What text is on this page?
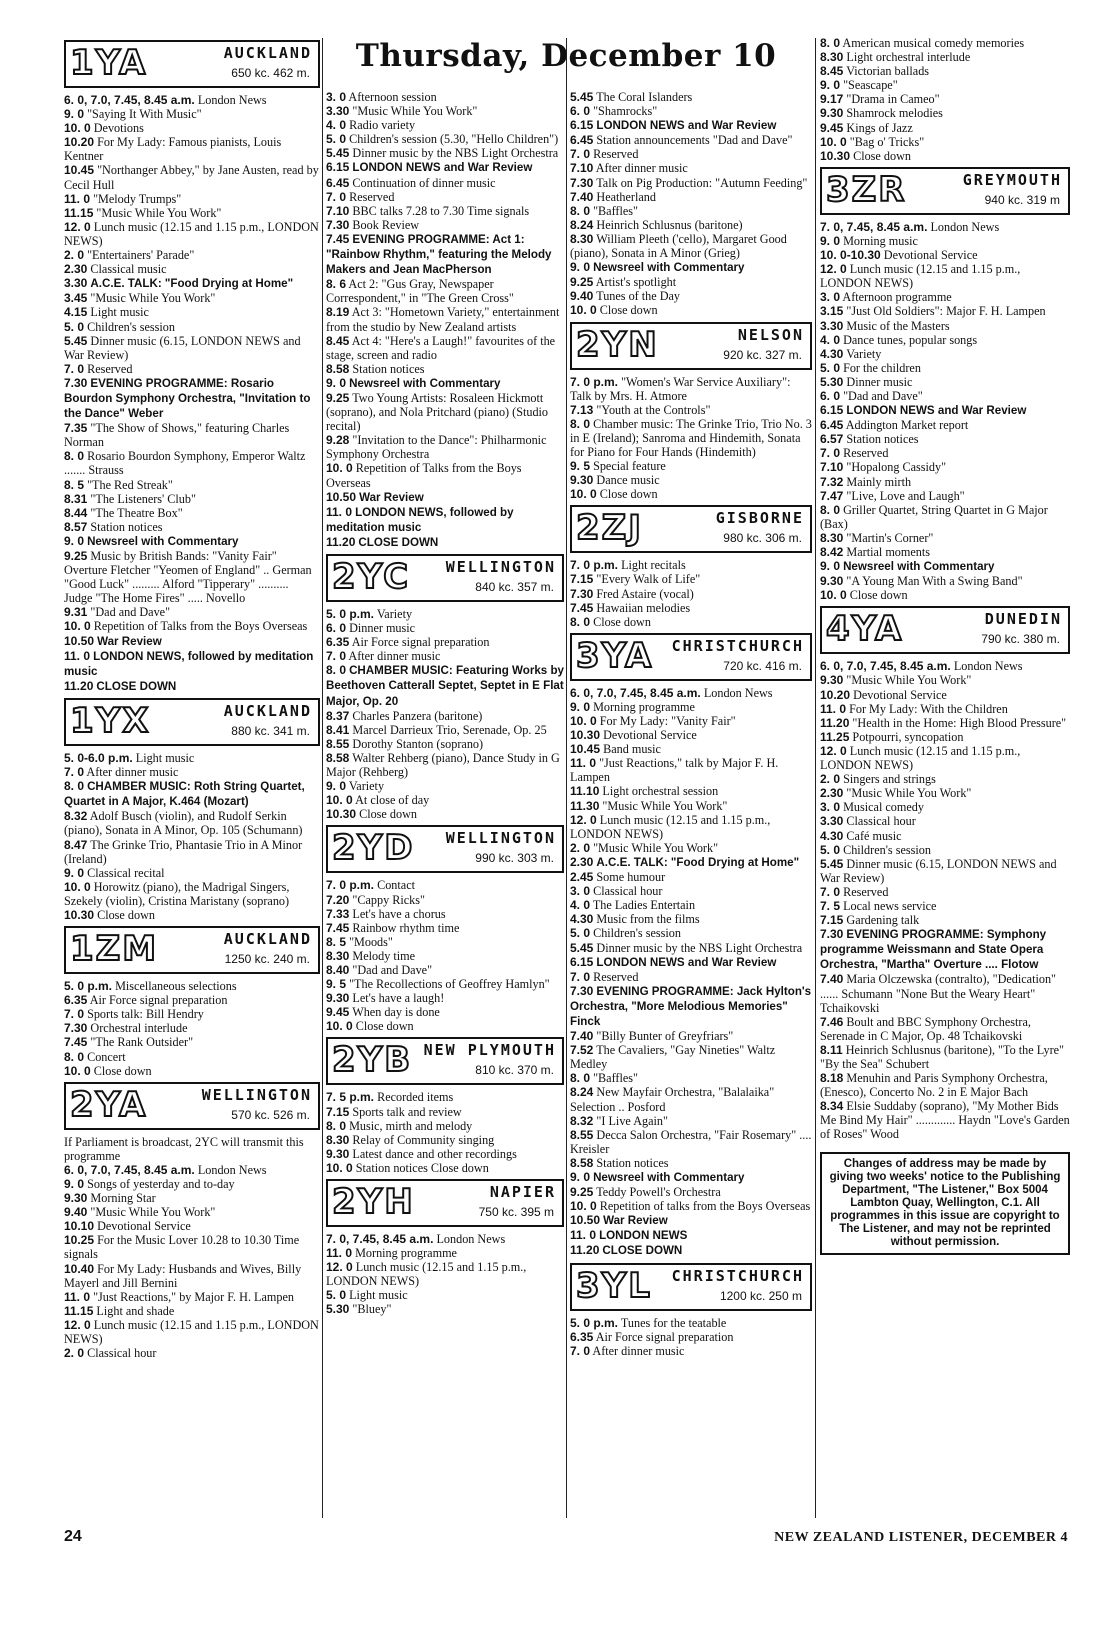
Thursday, December 10
1YA	AUCKLAND
650 kc. 462 m.
6. 0, 7.0, 7.45, 8.45 a.m. London News
9. 0 "Saying It With Music"
10. 0 Devotions
10.20 For My Lady: Famous pianists, Louis Kentner
10.45 "Northanger Abbey," by Jane Austen, read by Cecil Hull
11. 0 "Melody Trumps"
11.15 "Music While You Work"
12. 0 Lunch music (12.15 and 1.15 p.m., LONDON NEWS)
2. 0 "Entertainers' Parade"
2.30 Classical music
3.30 A.C.E. TALK: "Food Drying at Home"
3.45 "Music While You Work"
4.15 Light music
5. 0 Children's session
5.45 Dinner music (6.15, LONDON NEWS and War Review)
7. 0 Reserved
7.30 EVENING PROGRAMME: Rosario Bourdon Symphony Orchestra, "Invitation to the Dance" Weber
7.35 "The Show of Shows," featuring Charles Norman
8. 0 Rosario Bourdon Symphony, Emperor Waltz ....... Strauss
8. 5 "The Red Streak"
8.31 "The Listeners' Club"
8.44 "The Theatre Box"
8.57 Station notices
9. 0 Newsreel with Commentary
9.25 Music by British Bands: "Vanity Fair" Overture Fletcher "Yeomen of England" .. German "Good Luck" ......... Alford "Tipperary" .......... Judge "The Home Fires" ..... Novello
9.31 "Dad and Dave"
10. 0 Repetition of Talks from the Boys Overseas
10.50 War Review
11. 0 LONDON NEWS, followed by meditation music
11.20 CLOSE DOWN
1YX	AUCKLAND
880 kc. 341 m.
5. 0-6.0 p.m. Light music
7. 0 After dinner music
8. 0 CHAMBER MUSIC: Roth String Quartet, Quartet in A Major, K.464 (Mozart)
8.32 Adolf Busch (violin), and Rudolf Serkin (piano), Sonata in A Minor, Op. 105 (Schumann)
8.47 The Grinke Trio, Phantasie Trio in A Minor (Ireland)
9. 0 Classical recital
10. 0 Horowitz (piano), the Madrigal Singers, Szekely (violin), Cristina Maristany (soprano)
10.30 Close down
1ZM	AUCKLAND
1250 kc. 240 m.
5. 0 p.m. Miscellaneous selections
6.35 Air Force signal preparation
7. 0 Sports talk: Bill Hendry
7.30 Orchestral interlude
7.45 "The Rank Outsider"
8. 0 Concert
10. 0 Close down
2YA	WELLINGTON
570 kc. 526 m.
If Parliament is broadcast, 2YC will transmit this programme
6. 0, 7.0, 7.45, 8.45 a.m. London News
9. 0 Songs of yesterday and to-day
9.30 Morning Star
9.40 "Music While You Work"
10.10 Devotional Service
10.25 For the Music Lover 10.28 to 10.30 Time signals
10.40 For My Lady: Husbands and Wives, Billy Mayerl and Jill Bernini
11. 0 "Just Reactions," by Major F. H. Lampen
11.15 Light and shade
12. 0 Lunch music (12.15 and 1.15 p.m., LONDON NEWS)
2. 0 Classical hour
3. 0 Afternoon session
3.30 "Music While You Work"
4. 0 Radio variety
5. 0 Children's session (5.30, "Hello Children")
5.45 Dinner music by the NBS Light Orchestra
6.15 LONDON NEWS and War Review
6.45 Continuation of dinner music
7. 0 Reserved
7.10 BBC talks 7.28 to 7.30 Time signals
7.30 Book Review
7.45 EVENING PROGRAMME: Act 1: "Rainbow Rhythm," featuring the Melody Makers and Jean MacPherson
8. 6 Act 2: "Gus Gray, Newspaper Correspondent," in "The Green Cross"
8.19 Act 3: "Hometown Variety," entertainment from the studio by New Zealand artists
8.45 Act 4: "Here's a Laugh!" favourites of the stage, screen and radio
8.58 Station notices
9. 0 Newsreel with Commentary
9.25 Two Young Artists: Rosaleen Hickmott (soprano), and Nola Pritchard (piano) (Studio recital)
9.28 "Invitation to the Dance": Philharmonic Symphony Orchestra
10. 0 Repetition of Talks from the Boys Overseas
10.50 War Review
11. 0 LONDON NEWS, followed by meditation music
11.20 CLOSE DOWN
2YC WELLINGTON
840 kc. 357 m.
5. 0 p.m. Variety
6. 0 Dinner music
6.35 Air Force signal preparation
7. 0 After dinner music
8. 0 CHAMBER MUSIC: Featuring Works by Beethoven Catterall Septet, Septet in E Flat Major, Op. 20
8.37 Charles Panzera (baritone)
8.41 Marcel Darrieux Trio, Serenade, Op. 25
8.55 Dorothy Stanton (soprano)
8.58 Walter Rehberg (piano), Dance Study in G Major (Rehberg)
9. 0 Variety
10. 0 At close of day
10.30 Close down
2YD WELLINGTON
990 kc. 303 m.
7. 0 p.m. Contact
7.20 "Cappy Ricks"
7.33 Let's have a chorus
7.45 Rainbow rhythm time
8. 5 "Moods"
8.30 Melody time
8.40 "Dad and Dave"
9. 5 "The Recollections of Geoffrey Hamlyn"
9.30 Let's have a laugh!
9.45 When day is done
10. 0 Close down
2YB NEW PLYMOUTH
810 kc. 370 m.
7. 5 p.m. Recorded items
7.15 Sports talk and review
8. 0 Music, mirth and melody
8.30 Relay of Community singing
9.30 Latest dance and other recordings
10. 0 Station notices Close down
2YH	NAPIER
750 kc. 395 m
7. 0, 7.45, 8.45 a.m. London News
11. 0 Morning programme
12. 0 Lunch music (12.15 and 1.15 p.m., LONDON NEWS)
5. 0 Light music
5.30 "Bluey"
5.45 The Coral Islanders
6. 0 "Shamrocks"
6.15 LONDON NEWS and War Review
6.45 Station announcements "Dad and Dave"
7. 0 Reserved
7.10 After dinner music
7.30 Talk on Pig Production: "Autumn Feeding"
7.40 Heatherland
8. 0 "Baffles"
8.24 Heinrich Schlusnus (baritone)
8.30 William Pleeth ('cello), Margaret Good (piano), Sonata in A Minor (Grieg)
9. 0 Newsreel with Commentary
9.25 Artist's spotlight
9.40 Tunes of the Day
10. 0 Close down
2YN	NELSON
920 kc. 327 m.
7. 0 p.m. "Women's War Service Auxiliary": Talk by Mrs. H. Atmore
7.13 "Youth at the Controls"
8. 0 Chamber music: The Grinke Trio, Trio No. 3 in E (Ireland); Sanroma and Hindemith, Sonata for Piano for Four Hands (Hindemith)
9. 5 Special feature
9.30 Dance music
10. 0 Close down
2ZJ	GISBORNE
980 kc. 306 m.
7. 0 p.m. Light recitals
7.15 "Every Walk of Life"
7.30 Fred Astaire (vocal)
7.45 Hawaiian melodies
8. 0 Close down
3YA CHRISTCHURCH
720 kc. 416 m.
6. 0, 7.0, 7.45, 8.45 a.m. London News
9. 0 Morning programme
10. 0 For My Lady: "Vanity Fair"
10.30 Devotional Service
10.45 Band music
11. 0 "Just Reactions," talk by Major F. H. Lampen
11.10 Light orchestral session
11.30 "Music While You Work"
12. 0 Lunch music (12.15 and 1.15 p.m., LONDON NEWS)
2. 0 "Music While You Work"
2.30 A.C.E. TALK: "Food Drying at Home"
2.45 Some humour
3. 0 Classical hour
4. 0 The Ladies Entertain
4.30 Music from the films
5. 0 Children's session
5.45 Dinner music by the NBS Light Orchestra
6.15 LONDON NEWS and War Review
7. 0 Reserved
7.30 EVENING PROGRAMME: Jack Hylton's Orchestra, "More Melodious Memories" Finck
7.40 "Billy Bunter of Greyfriars"
7.52 The Cavaliers, "Gay Nineties" Waltz Medley
8. 0 "Baffles"
8.24 New Mayfair Orchestra, "Balalaika" Selection .. Posford
8.32 "I Live Again"
8.55 Decca Salon Orchestra, "Fair Rosemary" .... Kreisler
8.58 Station notices
9. 0 Newsreel with Commentary
9.25 Teddy Powell's Orchestra
10. 0 Repetition of talks from the Boys Overseas
10.50 War Review
11. 0 LONDON NEWS
11.20 CLOSE DOWN
3YL CHRISTCHURCH
1200 kc. 250 m
5. 0 p.m. Tunes for the teatable
6.35 Air Force signal preparation
7. 0 After dinner music
8. 0 American musical comedy memories
8.30 Light orchestral interlude
8.45 Victorian ballads
9. 0 "Seascape"
9.17 "Drama in Cameo"
9.30 Shamrock melodies
9.45 Kings of Jazz
10. 0 "Bag o' Tricks"
10.30 Close down
3ZR	GREYMOUTH
940 kc. 319 m
7. 0, 7.45, 8.45 a.m. London News
9. 0 Morning music
10. 0-10.30 Devotional Service
12. 0 Lunch music (12.15 and 1.15 p.m., LONDON NEWS)
3. 0 Afternoon programme
3.15 "Just Old Soldiers": Major F. H. Lampen
3.30 Music of the Masters
4. 0 Dance tunes, popular songs
4.30 Variety
5. 0 For the children
5.30 Dinner music
6. 0 "Dad and Dave"
6.15 LONDON NEWS and War Review
6.45 Addington Market report
6.57 Station notices
7. 0 Reserved
7.10 "Hopalong Cassidy"
7.32 Mainly mirth
7.47 "Live, Love and Laugh"
8. 0 Griller Quartet, String Quartet in G Major (Bax)
8.30 "Martin's Corner"
8.42 Martial moments
9. 0 Newsreel with Commentary
9.30 "A Young Man With a Swing Band"
10. 0 Close down
4YA	DUNEDIN
790 kc. 380 m.
6. 0, 7.0, 7.45, 8.45 a.m. London News
9.30 "Music While You Work"
10.20 Devotional Service
11. 0 For My Lady: With the Children
11.20 "Health in the Home: High Blood Pressure"
11.25 Potpourri, syncopation
12. 0 Lunch music (12.15 and 1.15 p.m., LONDON NEWS)
2. 0 Singers and strings
2.30 "Music While You Work"
3. 0 Musical comedy
3.30 Classical hour
4.30 Café music
5. 0 Children's session
5.45 Dinner music (6.15, LONDON NEWS and War Review)
7. 0 Reserved
7. 5 Local news service
7.15 Gardening talk
7.30 EVENING PROGRAMME: Symphony programme Weissmann and State Opera Orchestra, "Martha" Overture .... Flotow
7.40 Maria Olczewska (contralto), "Dedication" ...... Schumann "None But the Weary Heart" Tchaikovski
7.46 Boult and BBC Symphony Orchestra, Serenade in C Major, Op. 48 Tchaikovski
8.11 Heinrich Schlusnus (baritone), "To the Lyre" "By the Sea" Schubert
8.18 Menuhin and Paris Symphony Orchestra, (Enesco), Concerto No. 2 in E Major Bach
8.34 Elsie Suddaby (soprano), "My Mother Bids Me Bind My Hair" ............. Haydn "Love's Garden of Roses" Wood
Changes of address may be made by giving two weeks' notice to the Publishing Department, "The Listener," Box 5004 Lambton Quay, Wellington, C.1. All programmes in this issue are copyright to The Listener, and may not be reprinted without permission.
24	NEW ZEALAND LISTENER, DECEMBER 4
